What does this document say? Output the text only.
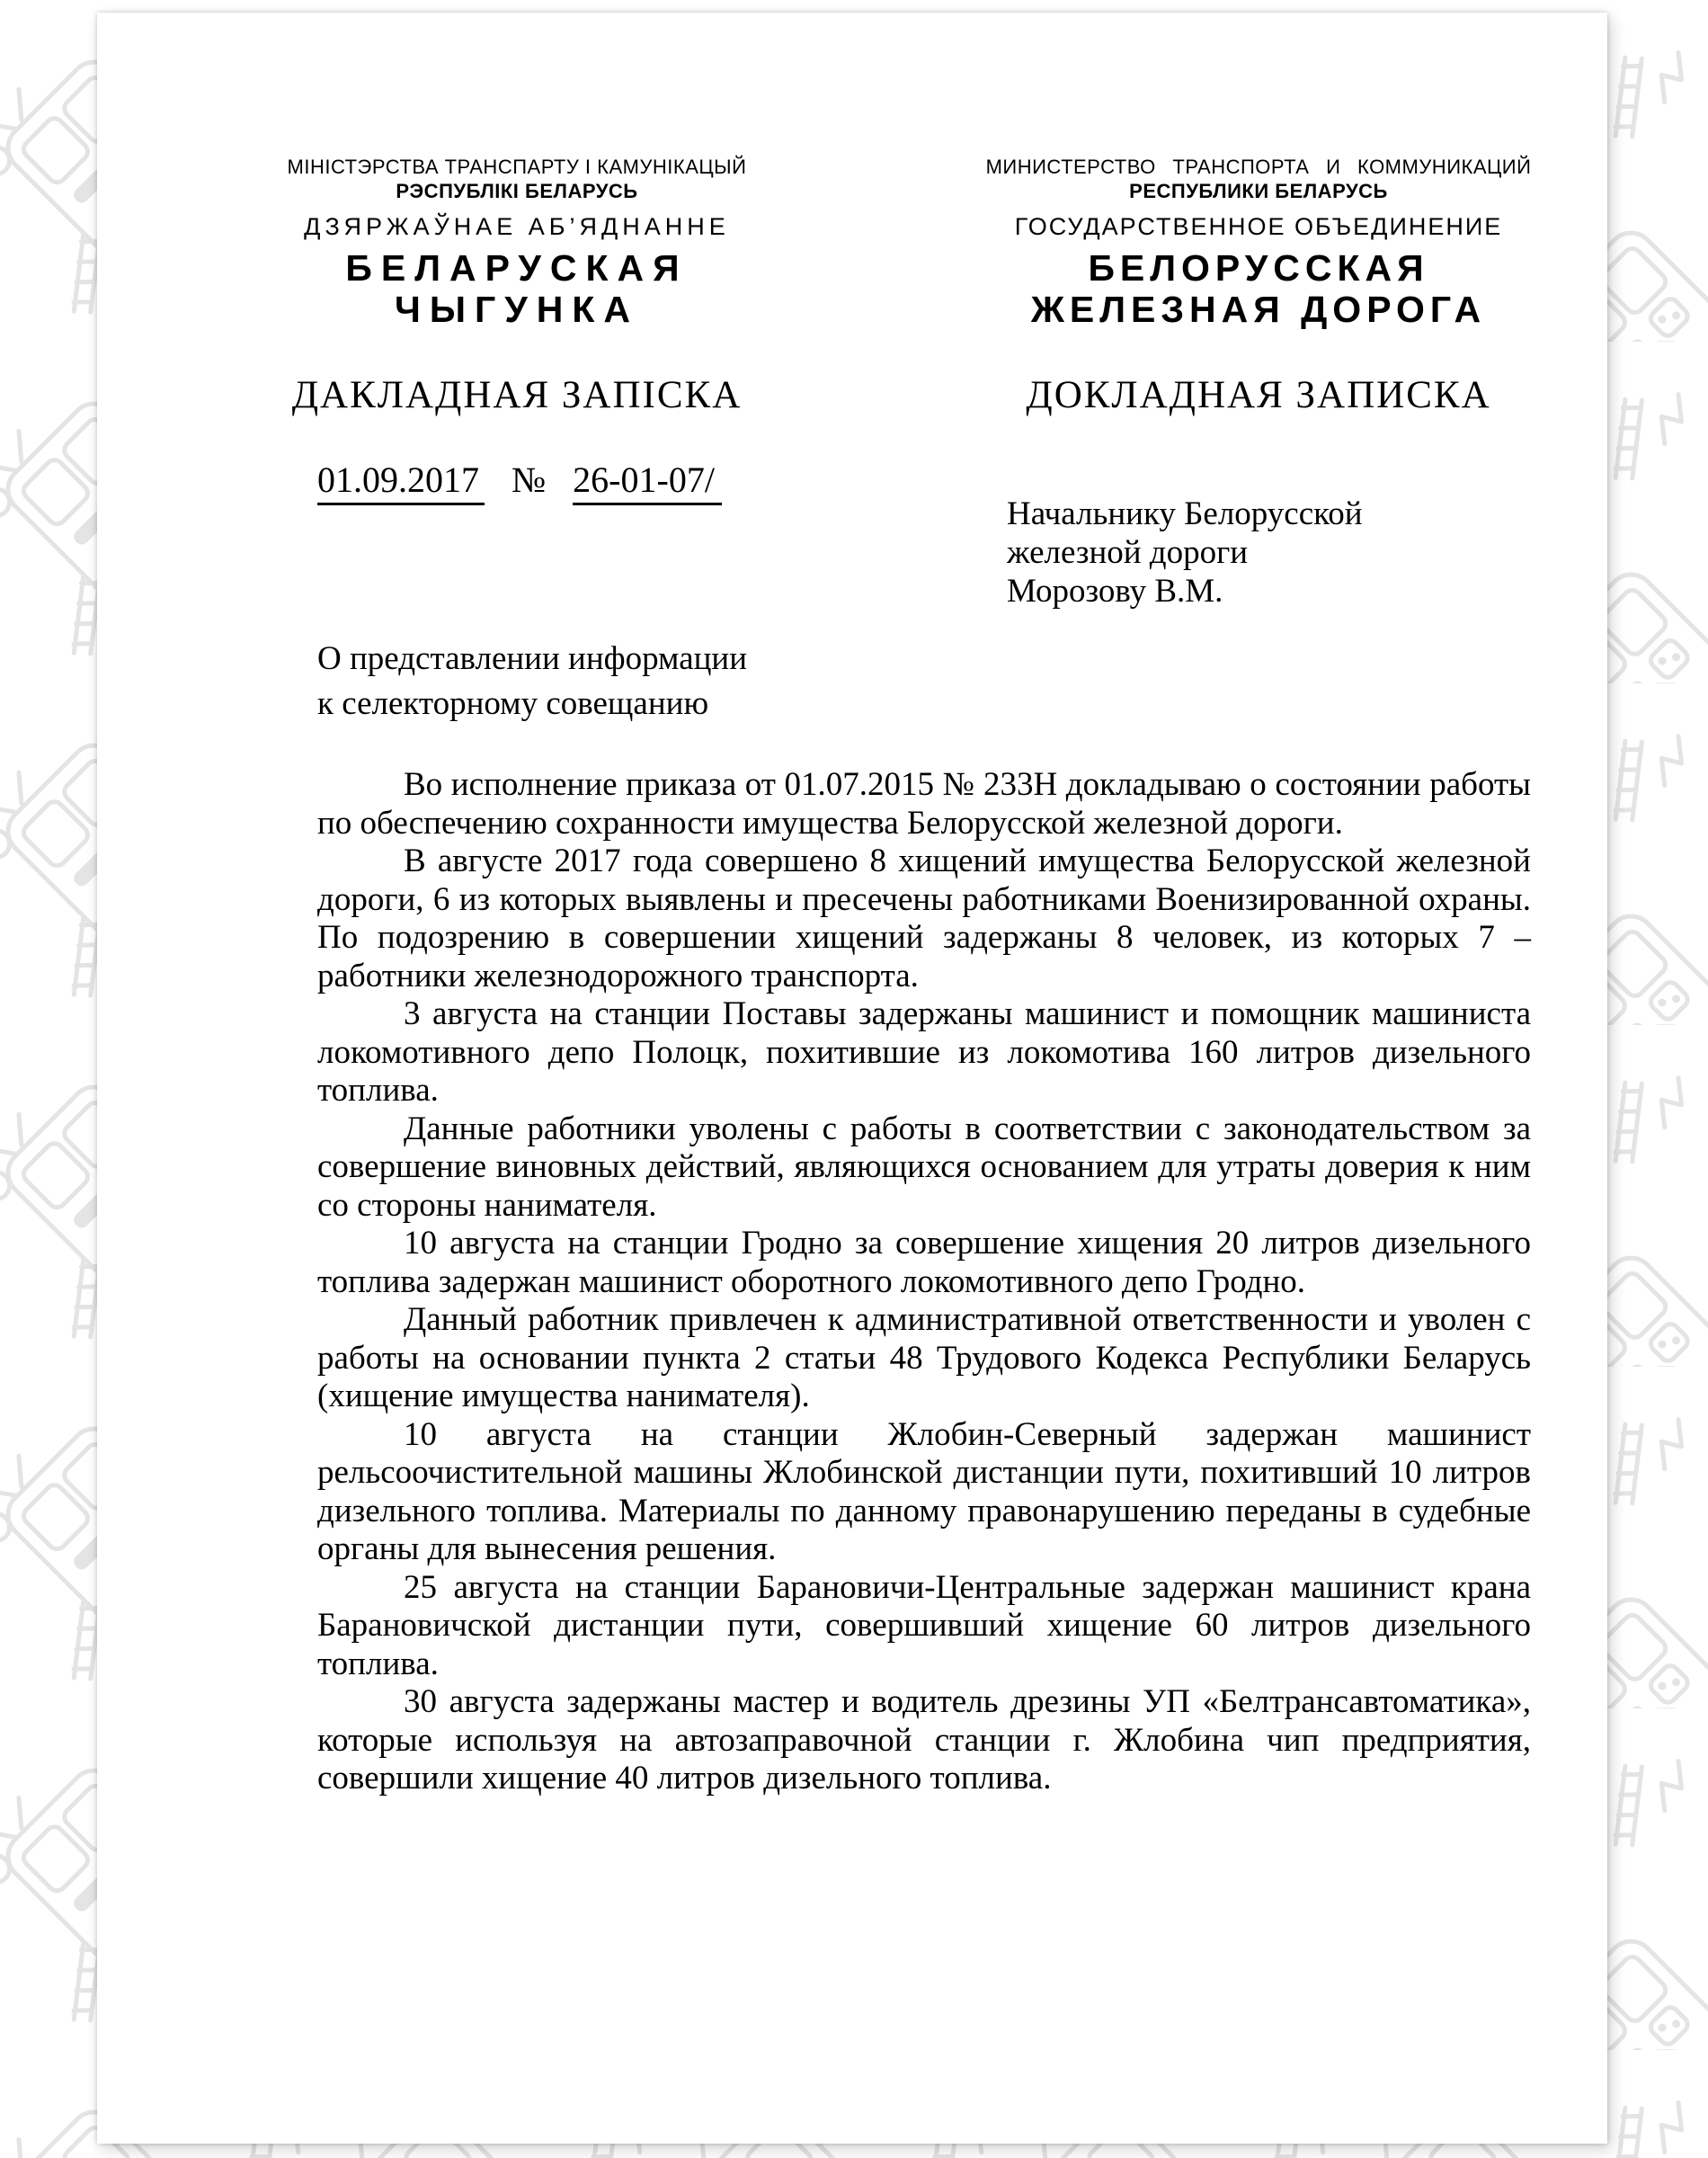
МІНІСТЭРСТВА ТРАНСПАРТУ І КАМУНІКАЦЫЙ
РЭСПУБЛІКІ БЕЛАРУСЬ
ДЗЯРЖАЎНАЕ АБ’ЯДНАННЕ
БЕЛАРУСКАЯ
ЧЫГУНКА
ДАКЛАДНАЯ ЗАПІСКА
МИНИСТЕРСТВО ТРАНСПОРТА И КОММУНИКАЦИЙ
РЕСПУБЛИКИ БЕЛАРУСЬ
ГОСУДАРСТВЕННОЕ ОБЪЕДИНЕНИЕ
БЕЛОРУССКАЯ
ЖЕЛЕЗНАЯ ДОРОГА
ДОКЛАДНАЯ ЗАПИСКА
01.09.2017 № 26-01-07/
Начальнику Белорусской
железной дороги
Морозову В.М.
О представлении информации
к селекторному совещанию

Во исполнение приказа от 01.07.2015 № 233Н докладываю о состоянии работы по обеспечению сохранности имущества Белорусской железной дороги.

В августе 2017 года совершено 8 хищений имущества Белорусской железной дороги, 6 из которых выявлены и пресечены работниками Военизированной охраны. По подозрению в совершении хищений задержаны 8 человек, из которых 7 – работники железнодорожного транспорта.

3 августа на станции Поставы задержаны машинист и помощник машиниста локомотивного депо Полоцк, похитившие из локомотива 160 литров дизельного топлива.

Данные работники уволены с работы в соответствии с законодательством за совершение виновных действий, являющихся основанием для утраты доверия к ним со стороны нанимателя.

10 августа на станции Гродно за совершение хищения 20 литров дизельного топлива задержан машинист оборотного локомотивного депо Гродно.

Данный работник привлечен к административной ответственности и уволен с работы на основании пункта 2 статьи 48 Трудового Кодекса Республики Беларусь (хищение имущества нанимателя).

10 августа на станции Жлобин-Северный задержан машинист рельсоочистительной машины Жлобинской дистанции пути, похитивший 10 литров дизельного топлива. Материалы по данному правонарушению переданы в судебные органы для вынесения решения.

25 августа на станции Барановичи-Центральные задержан машинист крана Барановичской дистанции пути, совершивший хищение 60 литров дизельного топлива.

30 августа задержаны мастер и водитель дрезины УП «Белтрансавтоматика», которые используя на автозаправочной станции г. Жлобина чип предприятия, совершили хищение 40 литров дизельного топлива.
